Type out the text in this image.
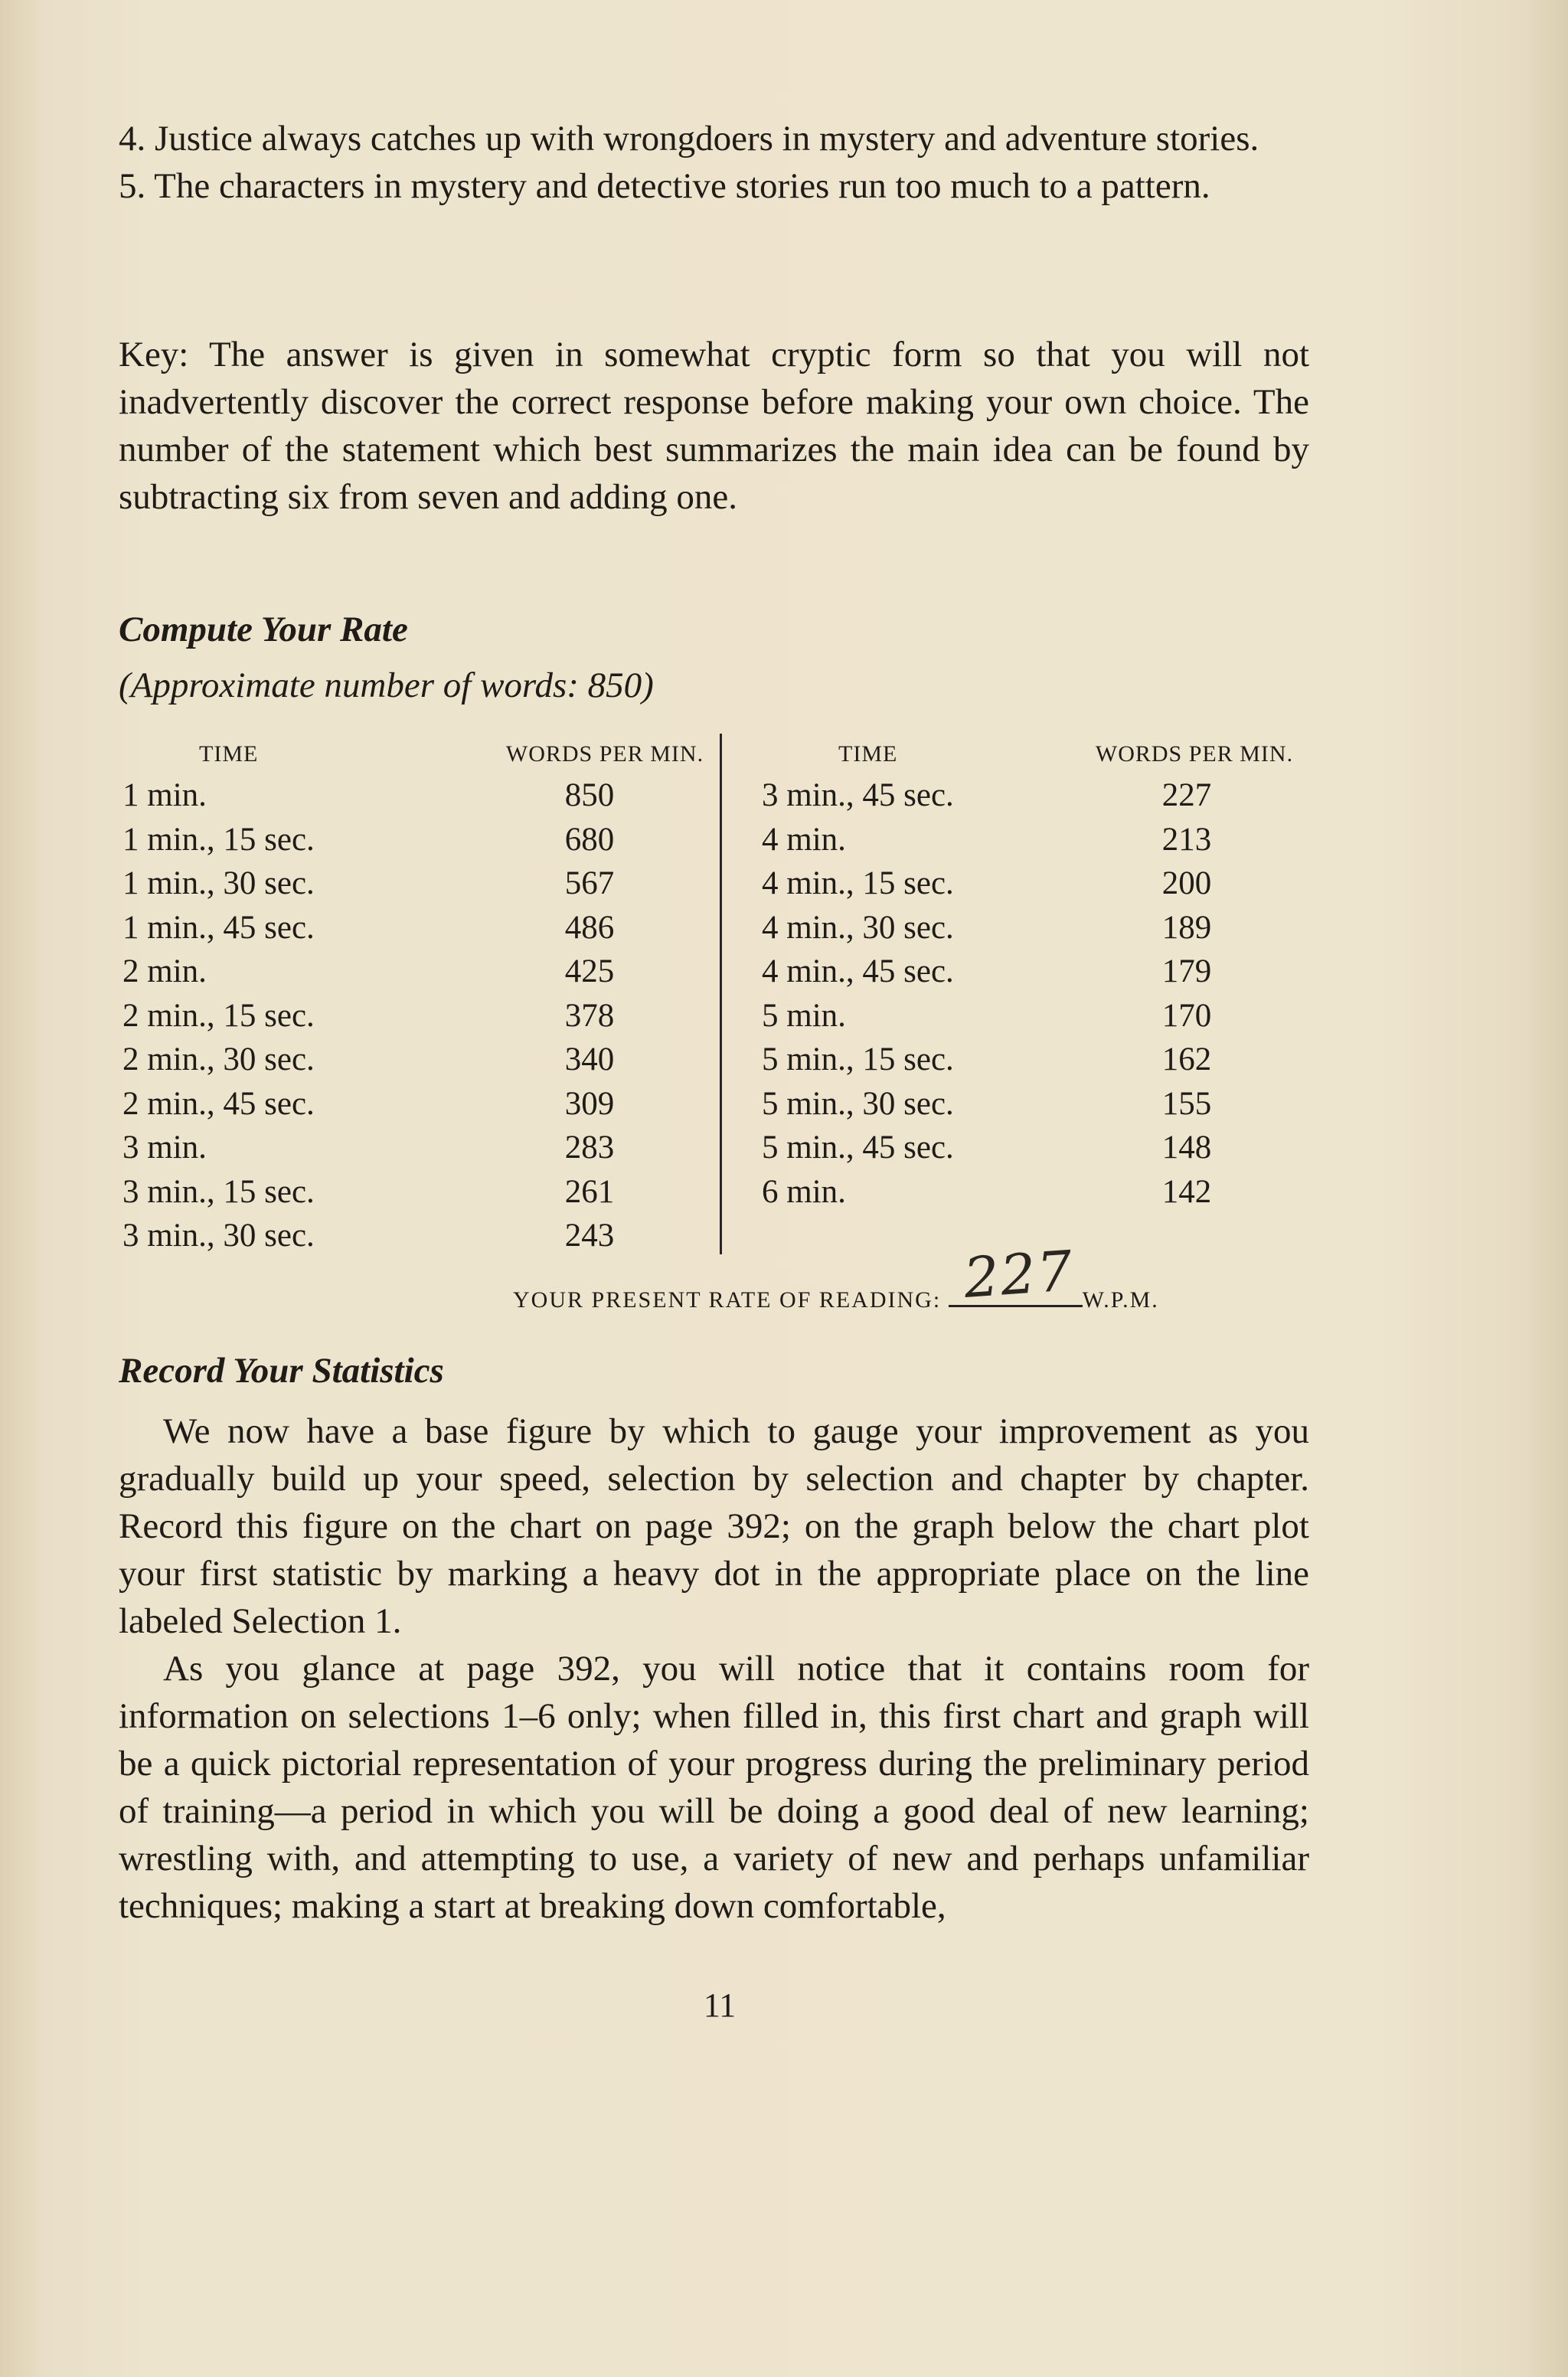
4. Justice always catches up with wrongdoers in mystery and adventure stories.

5. The characters in mystery and detective stories run too much to a pattern.

Key: The answer is given in somewhat cryptic form so that you will not inadvertently discover the correct response before making your own choice. The number of the statement which best summarizes the main idea can be found by subtracting six from seven and adding one.

Compute Your Rate
(Approximate number of words: 850)
TIME	WORDS PER MIN.
1 min.	850
1 min., 15 sec.	680
1 min., 30 sec.	567
1 min., 45 sec.	486
2 min.	425
2 min., 15 sec.	378
2 min., 30 sec.	340
2 min., 45 sec.	309
3 min.	283
3 min., 15 sec.	261
3 min., 30 sec.	243
TIME	WORDS PER MIN.
3 min., 45 sec.	227
4 min.	213
4 min., 15 sec.	200
4 min., 30 sec.	189
4 min., 45 sec.	179
5 min.	170
5 min., 15 sec.	162
5 min., 30 sec.	155
5 min., 45 sec.	148
6 min.	142
YOUR PRESENT RATE OF READING: 227 W.P.M.
Record Your Statistics

We now have a base figure by which to gauge your improvement as you gradually build up your speed, selection by selection and chapter by chapter. Record this figure on the chart on page 392; on the graph below the chart plot your first statistic by marking a heavy dot in the appropriate place on the line labeled Selection 1.

As you glance at page 392, you will notice that it contains room for information on selections 1–6 only; when filled in, this first chart and graph will be a quick pictorial representation of your progress during the preliminary period of training—a period in which you will be doing a good deal of new learning; wrestling with, and attempting to use, a variety of new and perhaps unfamiliar techniques; making a start at breaking down comfortable,

11
